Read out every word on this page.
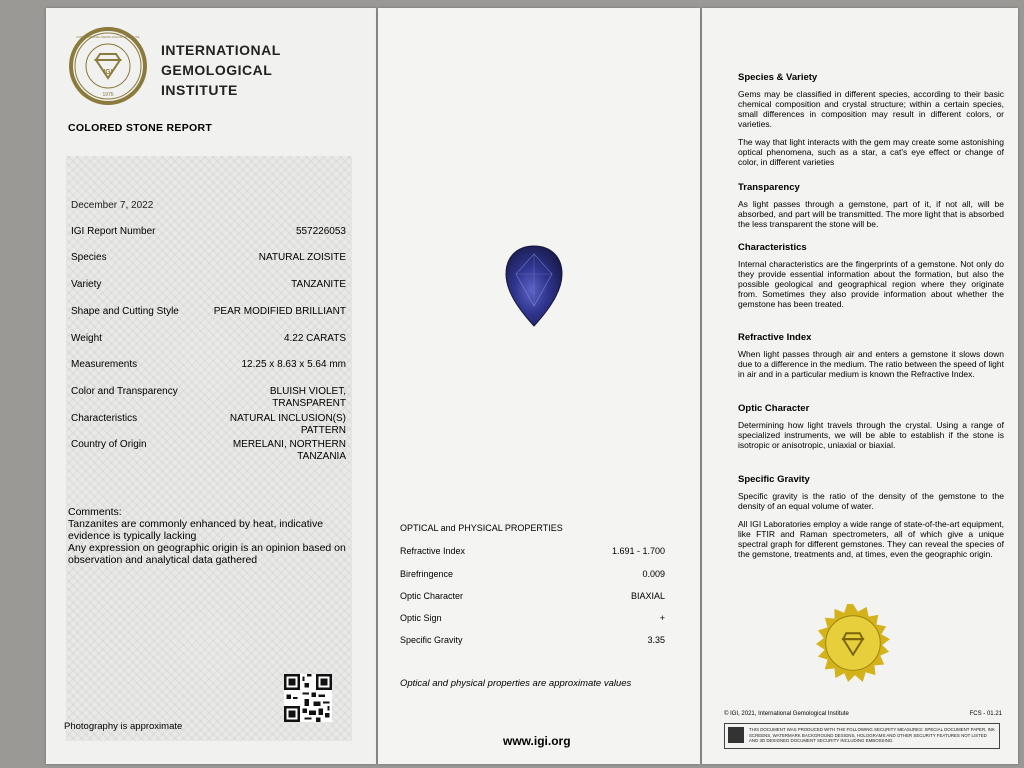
IGI
1975
INTERNATIONAL GEMOLOGICAL INSTITUTE
INTERNATIONAL
GEMOLOGICAL
INSTITUTE
COLORED STONE REPORT
December 7, 2022
IGI Report Number	557226053
Species	NATURAL ZOISITE
Variety	TANZANITE
Shape and Cutting Style	PEAR MODIFIED BRILLIANT
Weight	4.22 CARATS
Measurements	12.25 x 8.63 x 5.64 mm
Color and Transparency	BLUISH VIOLET, TRANSPARENT
Characteristics	NATURAL INCLUSION(S) PATTERN
Country of Origin	MERELANI, NORTHERN TANZANIA
Comments:
Tanzanites are commonly enhanced by heat, indicative evidence is typically lacking
Any expression on geographic origin is an opinion based on observation and analytical data gathered
Photography is approximate
OPTICAL and PHYSICAL PROPERTIES
Refractive Index	1.691 - 1.700
Birefringence	0.009
Optic Character	BIAXIAL
Optic Sign	+
Specific Gravity	3.35
Optical and physical properties are approximate values
www.igi.org
Species & Variety

Gems may be classified in different species, according to their basic chemical composition and crystal structure; within a certain species, small differences in composition may result in different colors, or varieties.

The way that light interacts with the gem may create some astonishing optical phenomena, such as a star, a cat's eye effect or change of color, in different varieties

Transparency

As light passes through a gemstone, part of it, if not all, will be absorbed, and part will be transmitted. The more light that is absorbed the less transparent the stone will be.

Characteristics

Internal characteristics are the fingerprints of a gemstone. Not only do they provide essential information about the formation, but also the possible geological and geographical region where they originate from. Sometimes they also provide information about whether the gemstone has been treated.

Refractive Index

When light passes through air and enters a gemstone it slows down due to a difference in the medium. The ratio between the speed of light in air and in a particular medium is known the Refractive Index.

Optic Character

Determining how light travels through the crystal. Using a range of specialized instruments, we will be able to establish if the stone is isotropic or anisotropic, uniaxial or biaxial.

Specific Gravity

Specific gravity is the ratio of the density of the gemstone to the density of an equal volume of water.

All IGI Laboratories employ a wide range of state-of-the-art equipment, like FTIR and Raman spectrometers, all of which give a unique spectral graph for different gemstones. They can reveal the species of the gemstone, treatments and, at times, even the geographic origin.

© IGI, 2021, International Gemological Institute	FCS - 01.21
THIS DOCUMENT WAS PRODUCED WITH THE FOLLOWING SECURITY MEASURES: SPECIAL DOCUMENT PAPER, INK SCREENS, WATERMARK BACKGROUND DESIGNS, HOLOGRAMS AND OTHER SECURITY FEATURES NOT LISTED AND 3D DESIGNED DOCUMENT SECURITY INCLUDING EMBOSSING.
